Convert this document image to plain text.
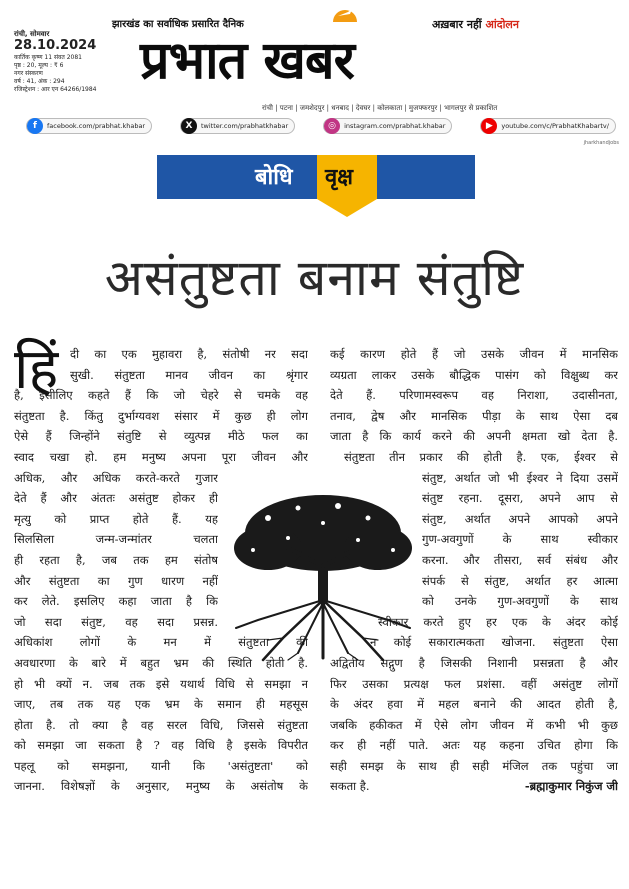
रांची, सोमवार
28.10.2024
कार्तिक कृष्ण 11 संवत 2081
पृष्ठ : 20, मूल्य : ₹ 6
नगर संस्करण
वर्ष : 41, अंक : 294
रजिस्ट्रेशन : आर एन 64266/1984
झारखंड का सर्वाधिक प्रसारित दैनिक
प्रभात खबर
अख़बार नहीं आंदोलन
रांची | पटना | जमशेदपुर | धनबाद | देवघर | कोलकाता | मुजफ्फरपुर | भागलपुर से प्रकाशित
f	facebook.com/prabhat.khabar	X	twitter.com/prabhatkhabar	◎	instagram.com/prabhat.khabar	▶	youtube.com/c/PrabhatKhabartv/
jharkhandjobs
बोधि वृक्ष
असंतुष्टता बनाम संतुष्टि
हिं	दी का एक मुहावरा है, संतोषी नर सदा
सुखी. संतुष्टता मानव जीवन का श्रृंगार
है, इसीलिए कहते हैं कि जो चेहरे से चमके वह
संतुष्टता है. किंतु दुर्भाग्यवश संसार में कुछ ही लोग
ऐसे हैं जिन्होंने संतुष्टि से व्युत्पन्न मीठे फल का
स्वाद चखा हो. हम मनुष्य अपना पूरा जीवन और
अधिक, और अधिक करते-करते गुजार
देते हैं और अंततः असंतुष्ट होकर ही
मृत्यु को प्राप्त होते हैं. यह
सिलसिला जन्म-जन्मांतर चलता
ही रहता है, जब तक हम संतोष
और संतुष्टता का गुण धारण नहीं
कर लेते. इसलिए कहा जाता है कि
जो सदा संतुष्ट, वह सदा प्रसन्न.
अधिकांश लोगों के मन में संतुष्टता की
अवधारणा के बारे में बहुत भ्रम की स्थिति होती है.
हो भी क्यों न. जब तक इसे यथार्थ विधि से समझा न
जाए, तब तक यह एक भ्रम के समान ही महसूस
होता है. तो क्या है वह सरल विधि, जिससे संतुष्टता
को समझा जा सकता है ? वह विधि है इसके विपरीत
पहलू को समझना, यानी कि 'असंतुष्टता' को
जानना. विशेषज्ञों के अनुसार, मनुष्य के असंतोष के
कई कारण होते हैं जो उसके जीवन में मानसिक
व्यग्रता लाकर उसके बौद्धिक पासंग को विक्षुब्ध कर
देते हैं. परिणामस्वरूप वह निराशा, उदासीनता,
तनाव, द्वेष और मानसिक पीड़ा के साथ ऐसा दब
जाता है कि कार्य करने की अपनी क्षमता खो देता है.
संतुष्टता तीन प्रकार की होती है. एक, ईश्वर से
संतुष्ट, अर्थात जो भी ईश्वर ने दिया उसमें
संतुष्ट रहना. दूसरा, अपने आप से
संतुष्ट, अर्थात अपने आपको अपने
गुण-अवगुणों के साथ स्वीकार
करना. और तीसरा, सर्व संबंध और
संपर्क से संतुष्ट, अर्थात हर आत्मा
को उनके गुण-अवगुणों के साथ
स्वीकार करते हुए हर एक के अंदर कोई
न कोई सकारात्मकता खोजना. संतुष्टता ऐसा
अद्वितीय सद्गुण है जिसकी निशानी प्रसन्नता है और
फिर उसका प्रत्यक्ष फल प्रशंसा. वहीं असंतुष्ट लोगों
के अंदर हवा में महल बनाने की आदत होती है,
जबकि हकीकत में ऐसे लोग जीवन में कभी भी कुछ
कर ही नहीं पाते. अतः यह कहना उचित होगा कि
सही समझ के साथ ही सही मंजिल तक पहुंचा जा
सकता है.	-ब्रह्माकुमार निकुंज जी
